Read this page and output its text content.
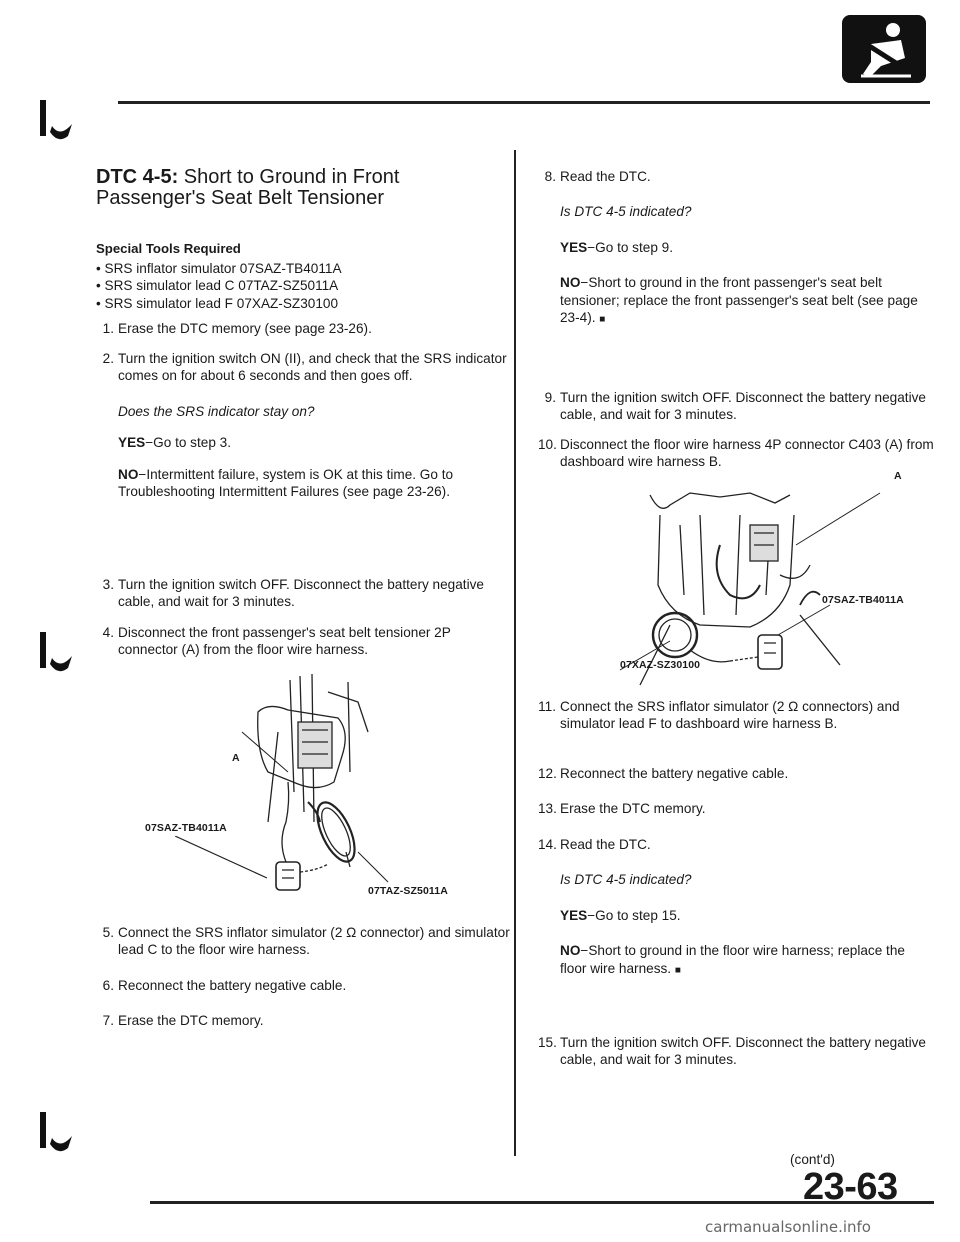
DTC 4-5: Short to Ground in Front Passenger's Seat Belt Tensioner
Special Tools Required
• SRS inflator simulator 07SAZ-TB4011A
• SRS simulator lead C 07TAZ-SZ5011A
• SRS simulator lead F 07XAZ-SZ30100
1. Erase the DTC memory (see page 23-26).

2. Turn the ignition switch ON (II), and check that the SRS indicator comes on for about 6 seconds and then goes off.

Does the SRS indicator stay on?

YES−Go to step 3.

NO−Intermittent failure, system is OK at this time. Go to Troubleshooting Intermittent Failures (see page 23-26).

3. Turn the ignition switch OFF. Disconnect the battery negative cable, and wait for 3 minutes.

4. Disconnect the front passenger's seat belt tensioner 2P connector (A) from the floor wire harness.

A
07SAZ-TB4011A
07TAZ-SZ5011A
5. Connect the SRS inflator simulator (2 Ω connector) and simulator lead C to the floor wire harness.

6. Reconnect the battery negative cable.

7. Erase the DTC memory.

8. Read the DTC.

Is DTC 4-5 indicated?

YES−Go to step 9.

NO−Short to ground in the front passenger's seat belt tensioner; replace the front passenger's seat belt (see page 23-4). ■

9. Turn the ignition switch OFF. Disconnect the battery negative cable, and wait for 3 minutes.

10. Disconnect the floor wire harness 4P connector C403 (A) from dashboard wire harness B.

A
07SAZ-TB4011A
07XAZ-SZ30100
11. Connect the SRS inflator simulator (2 Ω connectors) and simulator lead F to dashboard wire harness B.

12. Reconnect the battery negative cable.

13. Erase the DTC memory.

14. Read the DTC.

Is DTC 4-5 indicated?

YES−Go to step 15.

NO−Short to ground in the floor wire harness; replace the floor wire harness. ■

15. Turn the ignition switch OFF. Disconnect the battery negative cable, and wait for 3 minutes.

(cont'd)
23-63
carmanualsonline.info
